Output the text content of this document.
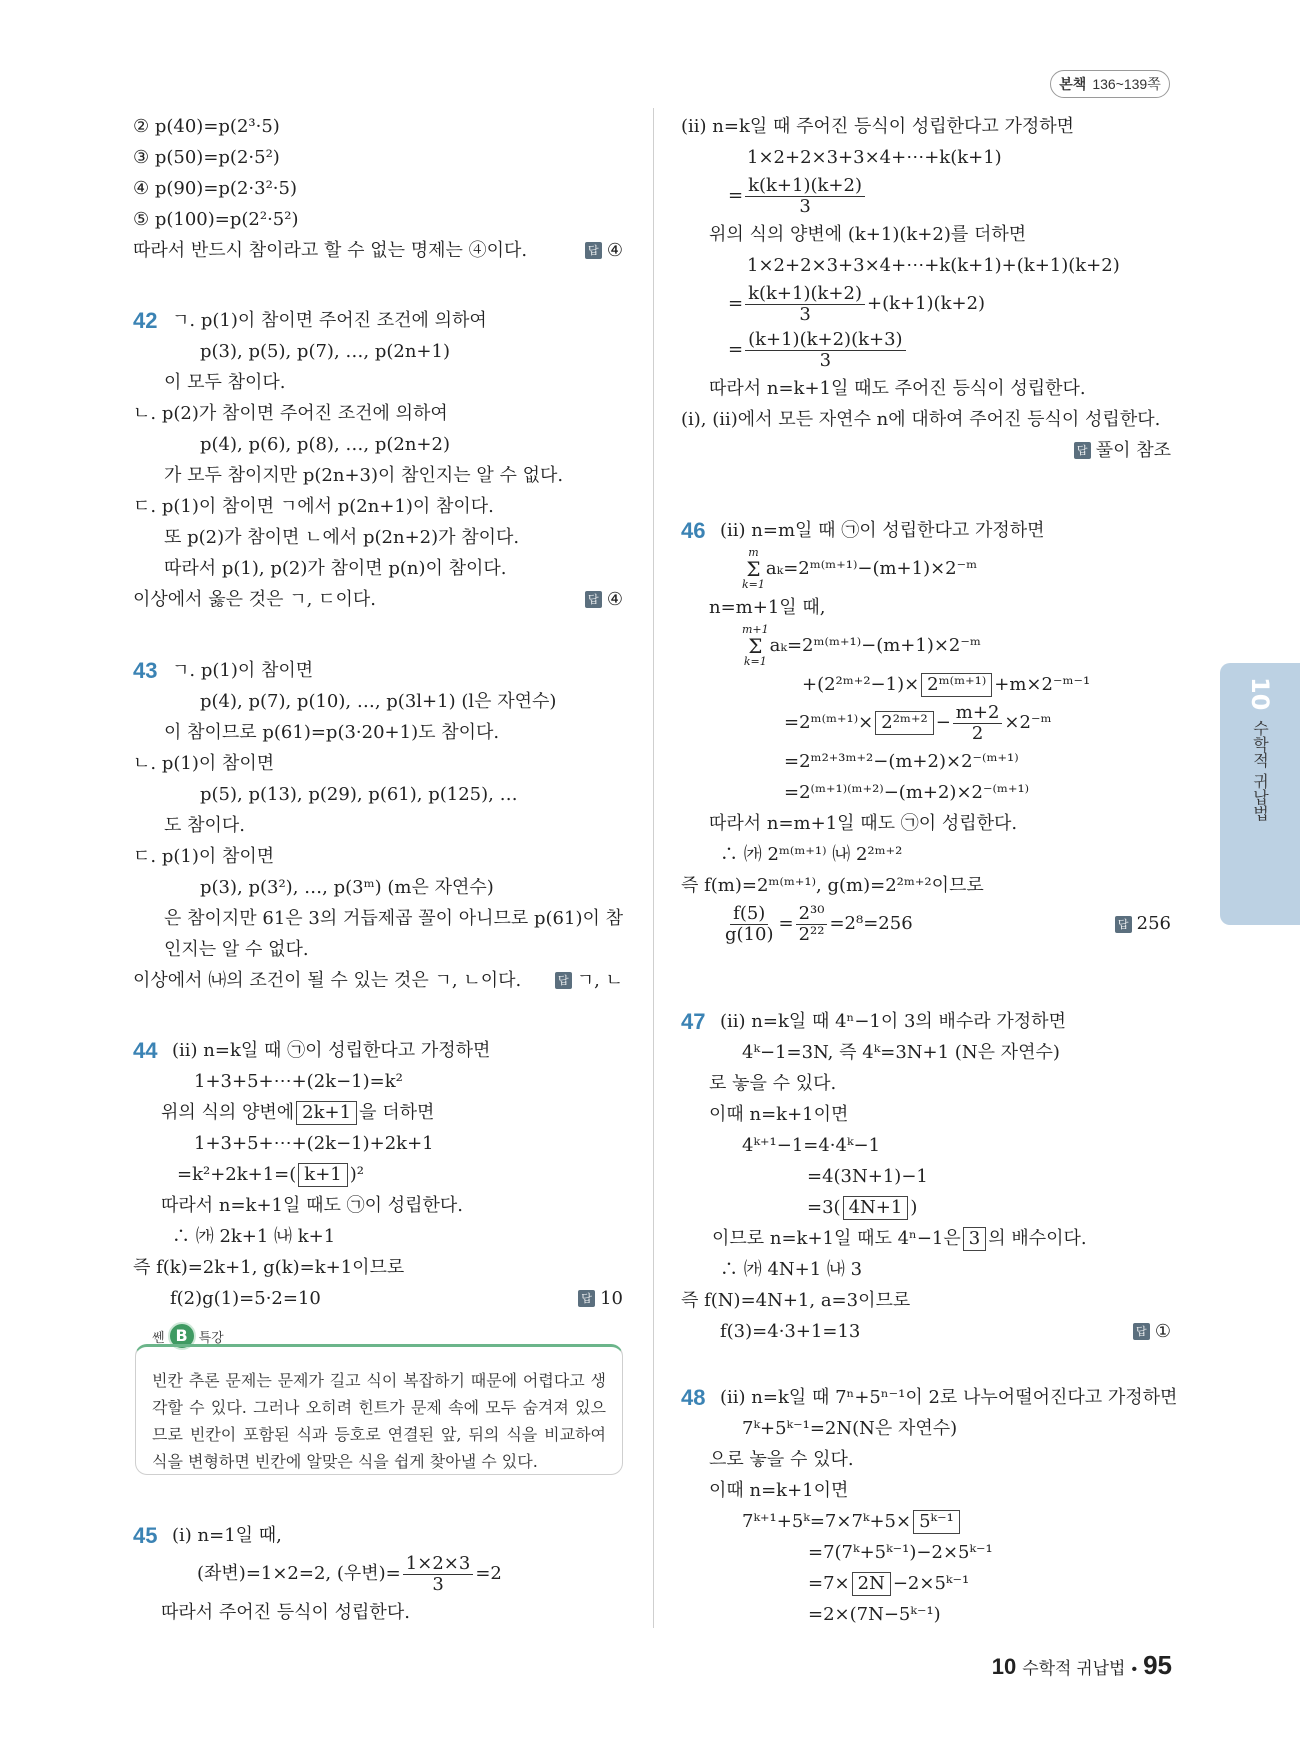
본책 136~139쪽
② p(40)=p(2³·5)
③ p(50)=p(2·5²)
④ p(90)=p(2·3²·5)
⑤ p(100)=p(2²·5²)
따라서 반드시 참이라고 할 수 없는 명제는 ④이다.	답 ④
42 ㄱ. p(1)이 참이면 주어진 조건에 의하여
p(3), p(5), p(7), …, p(2n+1)
이 모두 참이다.
ㄴ. p(2)가 참이면 주어진 조건에 의하여
p(4), p(6), p(8), …, p(2n+2)
가 모두 참이지만 p(2n+3)이 참인지는 알 수 없다.
ㄷ. p(1)이 참이면 ㄱ에서 p(2n+1)이 참이다.
또 p(2)가 참이면 ㄴ에서 p(2n+2)가 참이다.
따라서 p(1), p(2)가 참이면 p(n)이 참이다.
이상에서 옳은 것은 ㄱ, ㄷ이다.	답 ④
43 ㄱ. p(1)이 참이면
p(4), p(7), p(10), …, p(3l+1) (l은 자연수)
이 참이므로 p(61)=p(3·20+1)도 참이다.
ㄴ. p(1)이 참이면
p(5), p(13), p(29), p(61), p(125), …
도 참이다.
ㄷ. p(1)이 참이면
p(3), p(3²), …, p(3ᵐ) (m은 자연수)
은 참이지만 61은 3의 거듭제곱 꼴이 아니므로 p(61)이 참
인지는 알 수 없다.
이상에서 ㈏의 조건이 될 수 있는 것은 ㄱ, ㄴ이다.	답 ㄱ, ㄴ
44 (ii) n=k일 때 ㉠이 성립한다고 가정하면
1+3+5+⋯+(2k−1)=k²
위의 식의 양변에2k+1을 더하면
1+3+5+⋯+(2k−1)+2k+1
=k²+2k+1=( k+1 )²
따라서 n=k+1일 때도 ㉠이 성립한다.
∴ ㈎ 2k+1 ㈏ k+1
즉 f(k)=2k+1, g(k)=k+1이므로
f(2)g(1)=5·2=10	답 10
45 (i) n=1일 때,
(좌변)=1×2=2, (우변)= $\frac{1\times 2\times 3}{3} =2$
따라서 주어진 등식이 성립한다.
(ii) n=k일 때 주어진 등식이 성립한다고 가정하면
1×2+2×3+3×4+⋯+k(k+1)
= $\frac{k(k+1)(k+2)}{3}$
위의 식의 양변에 (k+1)(k+2)를 더하면
1×2+2×3+3×4+⋯+k(k+1)+(k+1)(k+2)
= $\frac{k(k+1)(k+2)}{3} +(k+1)(k+2)$
= $\frac{(k+1)(k+2)(k+3)}{3}$
따라서 n=k+1일 때도 주어진 등식이 성립한다.
(i), (ii)에서 모든 자연수 n에 대하여 주어진 등식이 성립한다.
답 풀이 참조
46 (ii) n=m일 때 ㉠이 성립한다고 가정하면
m
Σ
k=1
aₖ=2ᵐ⁽ᵐ⁺¹⁾−(m+1)×2⁻ᵐ
n=m+1일 때,
m+1
Σ
k=1
aₖ=2ᵐ⁽ᵐ⁺¹⁾−(m+1)×2⁻ᵐ
+(2²ᵐ⁺²−1)× 2ᵐ⁽ᵐ⁺¹⁾ +m×2⁻ᵐ⁻¹
=2ᵐ⁽ᵐ⁺¹⁾× 2²ᵐ⁺² − $\frac{m+2}{2}$ ×2⁻ᵐ
=2ᵐ²⁺³ᵐ⁺²−(m+2)×2⁻⁽ᵐ⁺¹⁾
=2⁽ᵐ⁺¹⁾⁽ᵐ⁺²⁾−(m+2)×2⁻⁽ᵐ⁺¹⁾
따라서 n=m+1일 때도 ㉠이 성립한다.
∴ ㈎ 2ᵐ⁽ᵐ⁺¹⁾ ㈏ 2²ᵐ⁺²
즉 f(m)=2ᵐ⁽ᵐ⁺¹⁾, g(m)=2²ᵐ⁺²이므로
$\frac{f(5)}{g(10)} = \frac{\text{2³⁰}}{\text{2²²}} =2^8=256$	답 256
47 (ii) n=k일 때 4ⁿ−1이 3의 배수라 가정하면
4ᵏ−1=3N, 즉 4ᵏ=3N+1 (N은 자연수)
로 놓을 수 있다.
이때 n=k+1이면
4ᵏ⁺¹−1=4·4ᵏ−1
=4(3N+1)−1
=3( 4N+1 )
이므로 n=k+1일 때도 4ⁿ−1은3 의 배수이다.
∴ ㈎ 4N+1 ㈏ 3
즉 f(N)=4N+1, a=3이므로
f(3)=4·3+1=13	답 ①
48 (ii) n=k일 때 7ⁿ+5ⁿ⁻¹이 2로 나누어떨어진다고 가정하면
7ᵏ+5ᵏ⁻¹=2N(N은 자연수)
으로 놓을 수 있다.
이때 n=k+1이면
7ᵏ⁺¹+5ᵏ=7×7ᵏ+5× 5ᵏ⁻¹
=7(7ᵏ+5ᵏ⁻¹)−2×5ᵏ⁻¹
=7× 2N −2×5ᵏ⁻¹
=2×(7N−5ᵏ⁻¹)
쎈 B 특강
빈칸 추론 문제는 문제가 길고 식이 복잡하기 때문에 어렵다고 생각할 수 있다. 그러나 오히려 힌트가 문제 속에 모두 숨겨져 있으므로 빈칸이 포함된 식과 등호로 연결된 앞, 뒤의 식을 비교하여 식을 변형하면 빈칸에 알맞은 식을 쉽게 찾아낼 수 있다.
10
수학적 귀납법
10 수학적 귀납법 • 95
